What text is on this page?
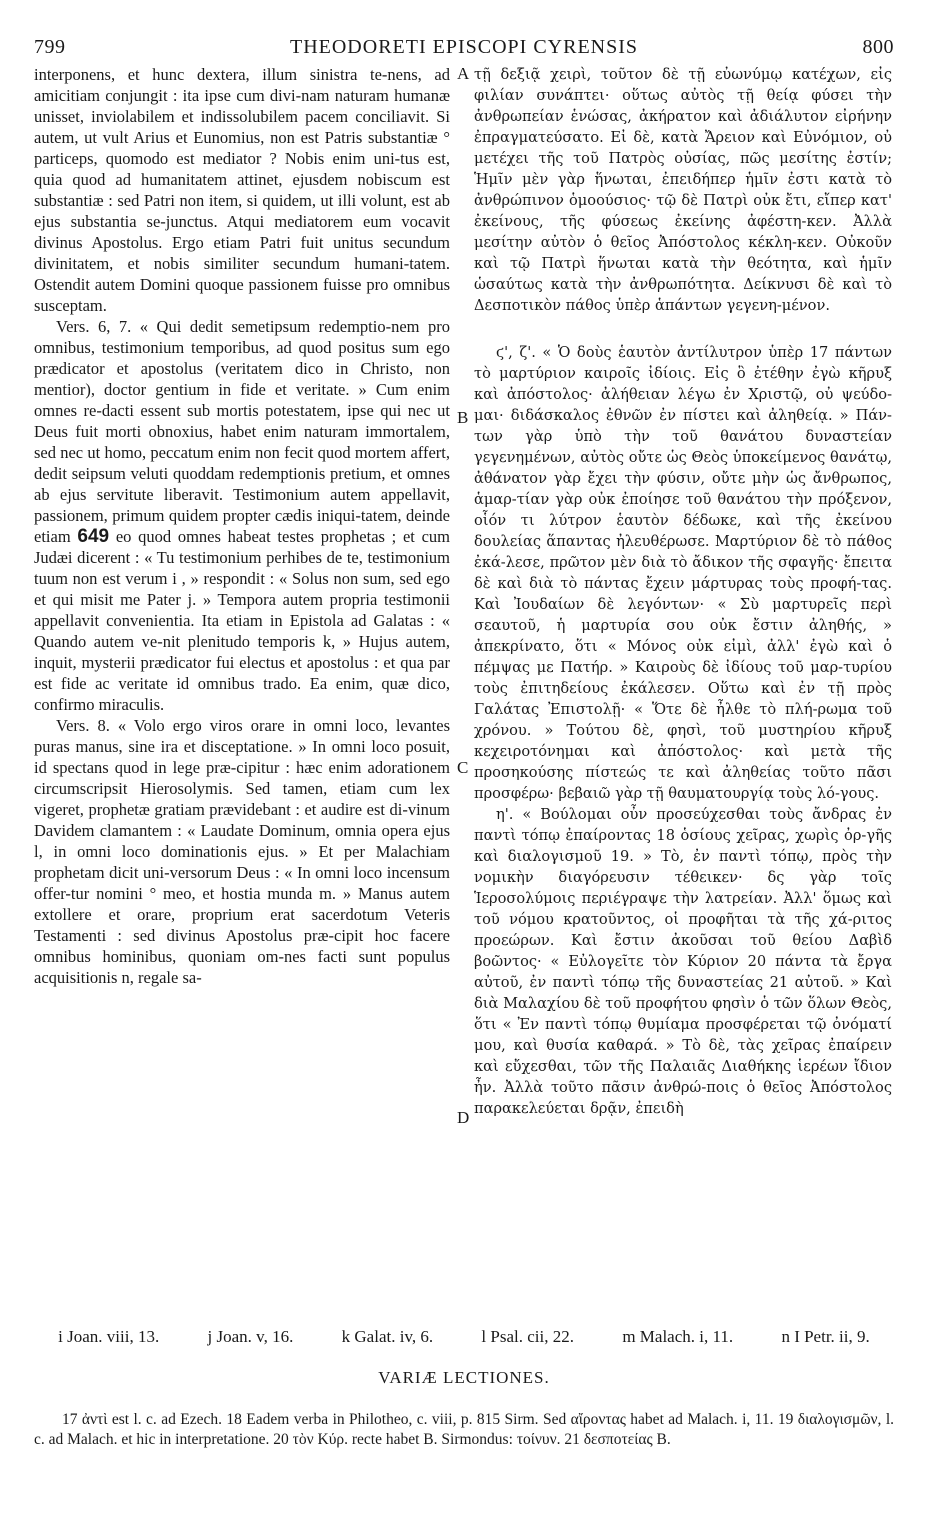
799	THEODORETI EPISCOPI CYRENSIS	800

interponens, et hunc dextera, illum sinistra te-nens, ad amicitiam conjungit : ita ipse cum divi-nam naturam humanæ unisset, inviolabilem et indissolubilem pacem conciliavit. Si autem, ut vult Arius et Eunomius, non est Patris substantiæ ° particeps, quomodo est mediator ? Nobis enim uni-tus est, quia quod ad humanitatem attinet, ejusdem nobiscum est substantiæ : sed Patri non item, si quidem, ut illi volunt, est ab ejus substantia se-junctus. Atqui mediatorem eum vocavit divinus Apostolus. Ergo etiam Patri fuit unitus secundum divinitatem, et nobis similiter secundum humani-tatem. Ostendit autem Domini quoque passionem fuisse pro omnibus susceptam.

Vers. 6, 7. « Qui dedit semetipsum redemptio-nem pro omnibus, testimonium temporibus, ad quod positus sum ego prædicator et apostolus (veritatem dico in Christo, non mentior), doctor gentium in fide et veritate. » Cum enim omnes re-dacti essent sub mortis potestatem, ipse qui nec ut Deus fuit morti obnoxius, habet enim naturam immortalem, sed nec ut homo, peccatum enim non fecit quod mortem affert, dedit seipsum veluti quoddam redemptionis pretium, et omnes ab ejus servitute liberavit. Testimonium autem appellavit, passionem, primum quidem propter cædis iniqui-tatem, deinde etiam 649 eo quod omnes habeat testes prophetas ; et cum Judæi dicerent : « Tu testimonium perhibes de te, testimonium tuum non est verum i , » respondit : « Solus non sum, sed ego et qui misit me Pater j. » Tempora autem propria testimonii appellavit convenientia. Ita etiam in Epistola ad Galatas : « Quando autem ve-nit plenitudo temporis k, » Hujus autem, inquit, mysterii prædicator fui electus et apostolus : et qua par est fide ac veritate id omnibus trado. Ea enim, quæ dico, confirmo miraculis.

Vers. 8. « Volo ergo viros orare in omni loco, levantes puras manus, sine ira et disceptatione. » In omni loco posuit, id spectans quod in lege præ-cipitur : hæc enim adorationem circumscripsit Hierosolymis. Sed tamen, etiam cum lex vigeret, prophetæ gratiam prævidebant : et audire est di-vinum Davidem clamantem : « Laudate Dominum, omnia opera ejus l, in omni loco dominationis ejus. » Et per Malachiam prophetam dicit uni-versorum Deus : « In omni loco incensum offer-tur nomini ° meo, et hostia munda m. » Manus autem extollere et orare, proprium erat sacerdotum Veteris Testamenti : sed divinus Apostolus præ-cipit hoc facere omnibus hominibus, quoniam om-nes facti sunt populus acquisitionis n, regale sa-

A
B
C
D

τῇ δεξιᾷ χειρὶ, τοῦτον δὲ τῇ εὐωνύμῳ κατέχων, εἰς φιλίαν συνάπτει· οὕτως αὐτὸς τῇ θείᾳ φύσει τὴν ἀνθρωπείαν ἑνώσας, ἀκήρατον καὶ ἀδιάλυτον εἰρήνην ἐπραγματεύσατο. Εἰ δὲ, κατὰ Ἄρειον καὶ Εὐνόμιον, οὐ μετέχει τῆς τοῦ Πατρὸς οὐσίας, πῶς μεσίτης ἐστίν; Ἡμῖν μὲν γὰρ ἥνωται, ἐπειδήπερ ἡμῖν ἐστι κατὰ τὸ ἀνθρώπινον ὁμοούσιος· τῷ δὲ Πατρὶ οὐκ ἔτι, εἴπερ κατ' ἐκείνους, τῆς φύσεως ἐκείνης ἀφέστη-κεν. Ἀλλὰ μεσίτην αὐτὸν ὁ θεῖος Ἀπόστολος κέκλη-κεν. Οὐκοῦν καὶ τῷ Πατρὶ ἥνωται κατὰ τὴν θεότητα, καὶ ἡμῖν ὡσαύτως κατὰ τὴν ἀνθρωπότητα. Δείκνυσι δὲ καὶ τὸ Δεσποτικὸν πάθος ὑπὲρ ἁπάντων γεγενη-μένον.

ϛ', ζ'. « Ὁ δοὺς ἑαυτὸν ἀντίλυτρον ὑπὲρ 17 πάντων τὸ μαρτύριον καιροῖς ἰδίοις. Εἰς ὃ ἐτέθην ἐγὼ κῆρυξ καὶ ἀπόστολος· ἀλήθειαν λέγω ἐν Χριστῷ, οὐ ψεύδο-μαι· διδάσκαλος ἐθνῶν ἐν πίστει καὶ ἀληθείᾳ. » Πάν-των γὰρ ὑπὸ τὴν τοῦ θανάτου δυναστείαν γεγενημένων, αὐτὸς οὔτε ὡς Θεὸς ὑποκείμενος θανάτῳ, ἀθάνατον γὰρ ἔχει τὴν φύσιν, οὔτε μὴν ὡς ἄνθρωπος, ἁμαρ-τίαν γὰρ οὐκ ἐποίησε τοῦ θανάτου τὴν πρόξενον, οἷόν τι λύτρον ἑαυτὸν δέδωκε, καὶ τῆς ἐκείνου δουλείας ἅπαντας ἠλευθέρωσε. Μαρτύριον δὲ τὸ πάθος ἐκά-λεσε, πρῶτον μὲν διὰ τὸ ἄδικον τῆς σφαγῆς· ἔπειτα δὲ καὶ διὰ τὸ πάντας ἔχειν μάρτυρας τοὺς προφή-τας. Καὶ Ἰουδαίων δὲ λεγόντων· « Σὺ μαρτυρεῖς περὶ σεαυτοῦ, ἡ μαρτυρία σου οὐκ ἔστιν ἀληθής, » ἀπεκρίνατο, ὅτι « Μόνος οὐκ εἰμὶ, ἀλλ' ἐγὼ καὶ ὁ πέμψας με Πατήρ. » Καιροὺς δὲ ἰδίους τοῦ μαρ-τυρίου τοὺς ἐπιτηδείους ἐκάλεσεν. Οὕτω καὶ ἐν τῇ πρὸς Γαλάτας Ἐπιστολῇ· « Ὅτε δὲ ἦλθε τὸ πλή-ρωμα τοῦ χρόνου. » Τούτου δὲ, φησὶ, τοῦ μυστηρίου κῆρυξ κεχειροτόνημαι καὶ ἀπόστολος· καὶ μετὰ τῆς προσηκούσης πίστεώς τε καὶ ἀληθείας τοῦτο πᾶσι προσφέρω· βεβαιῶ γὰρ τῇ θαυματουργίᾳ τοὺς λό-γους.

η'. « Βούλομαι οὖν προσεύχεσθαι τοὺς ἄνδρας ἐν παντὶ τόπῳ ἐπαίροντας 18 ὁσίους χεῖρας, χωρὶς ὀρ-γῆς καὶ διαλογισμοῦ 19. » Τὸ, ἐν παντὶ τόπῳ, πρὸς τὴν νομικὴν διαγόρευσιν τέθεικεν· δς γὰρ τοῖς Ἱεροσολύμοις περιέγραψε τὴν λατρείαν. Ἀλλ' ὅμως καὶ τοῦ νόμου κρατοῦντος, οἱ προφῆται τὰ τῆς χά-ριτος προεώρων. Καὶ ἔστιν ἀκοῦσαι τοῦ θείου Δαβὶδ βοῶντος· « Εὐλογεῖτε τὸν Κύριον 20 πάντα τὰ ἔργα αὐτοῦ, ἐν παντὶ τόπῳ τῆς δυναστείας 21 αὐτοῦ. » Καὶ διὰ Μαλαχίου δὲ τοῦ προφήτου φησὶν ὁ τῶν ὅλων Θεὸς, ὅτι « Ἐν παντὶ τόπῳ θυμίαμα προσφέρεται τῷ ὀνόματί μου, καὶ θυσία καθαρά. » Τὸ δὲ, τὰς χεῖρας ἐπαίρειν καὶ εὔχεσθαι, τῶν τῆς Παλαιᾶς Διαθήκης ἱερέων ἴδιον ἦν. Ἀλλὰ τοῦτο πᾶσιν ἀνθρώ-ποις ὁ θεῖος Ἀπόστολος παρακελεύεται δρᾷν, ἐπειδὴ

i Joan. viii, 13.	j Joan. v, 16.	k Galat. iv, 6.	l Psal. cii, 22.	m Malach. i, 11.	n I Petr. ii, 9.
VARIÆ LECTIONES.

17 ἀντὶ est l. c. ad Ezech. 18 Eadem verba in Philotheo, c. viii, p. 815 Sirm. Sed αἴροντας habet ad Malach. i, 11. 19 διαλογισμῶν, l. c. ad Malach. et hic in interpretatione. 20 τὸν Κύρ. recte habet B. Sirmondus: τοίνυν. 21 δεσποτείας B.
